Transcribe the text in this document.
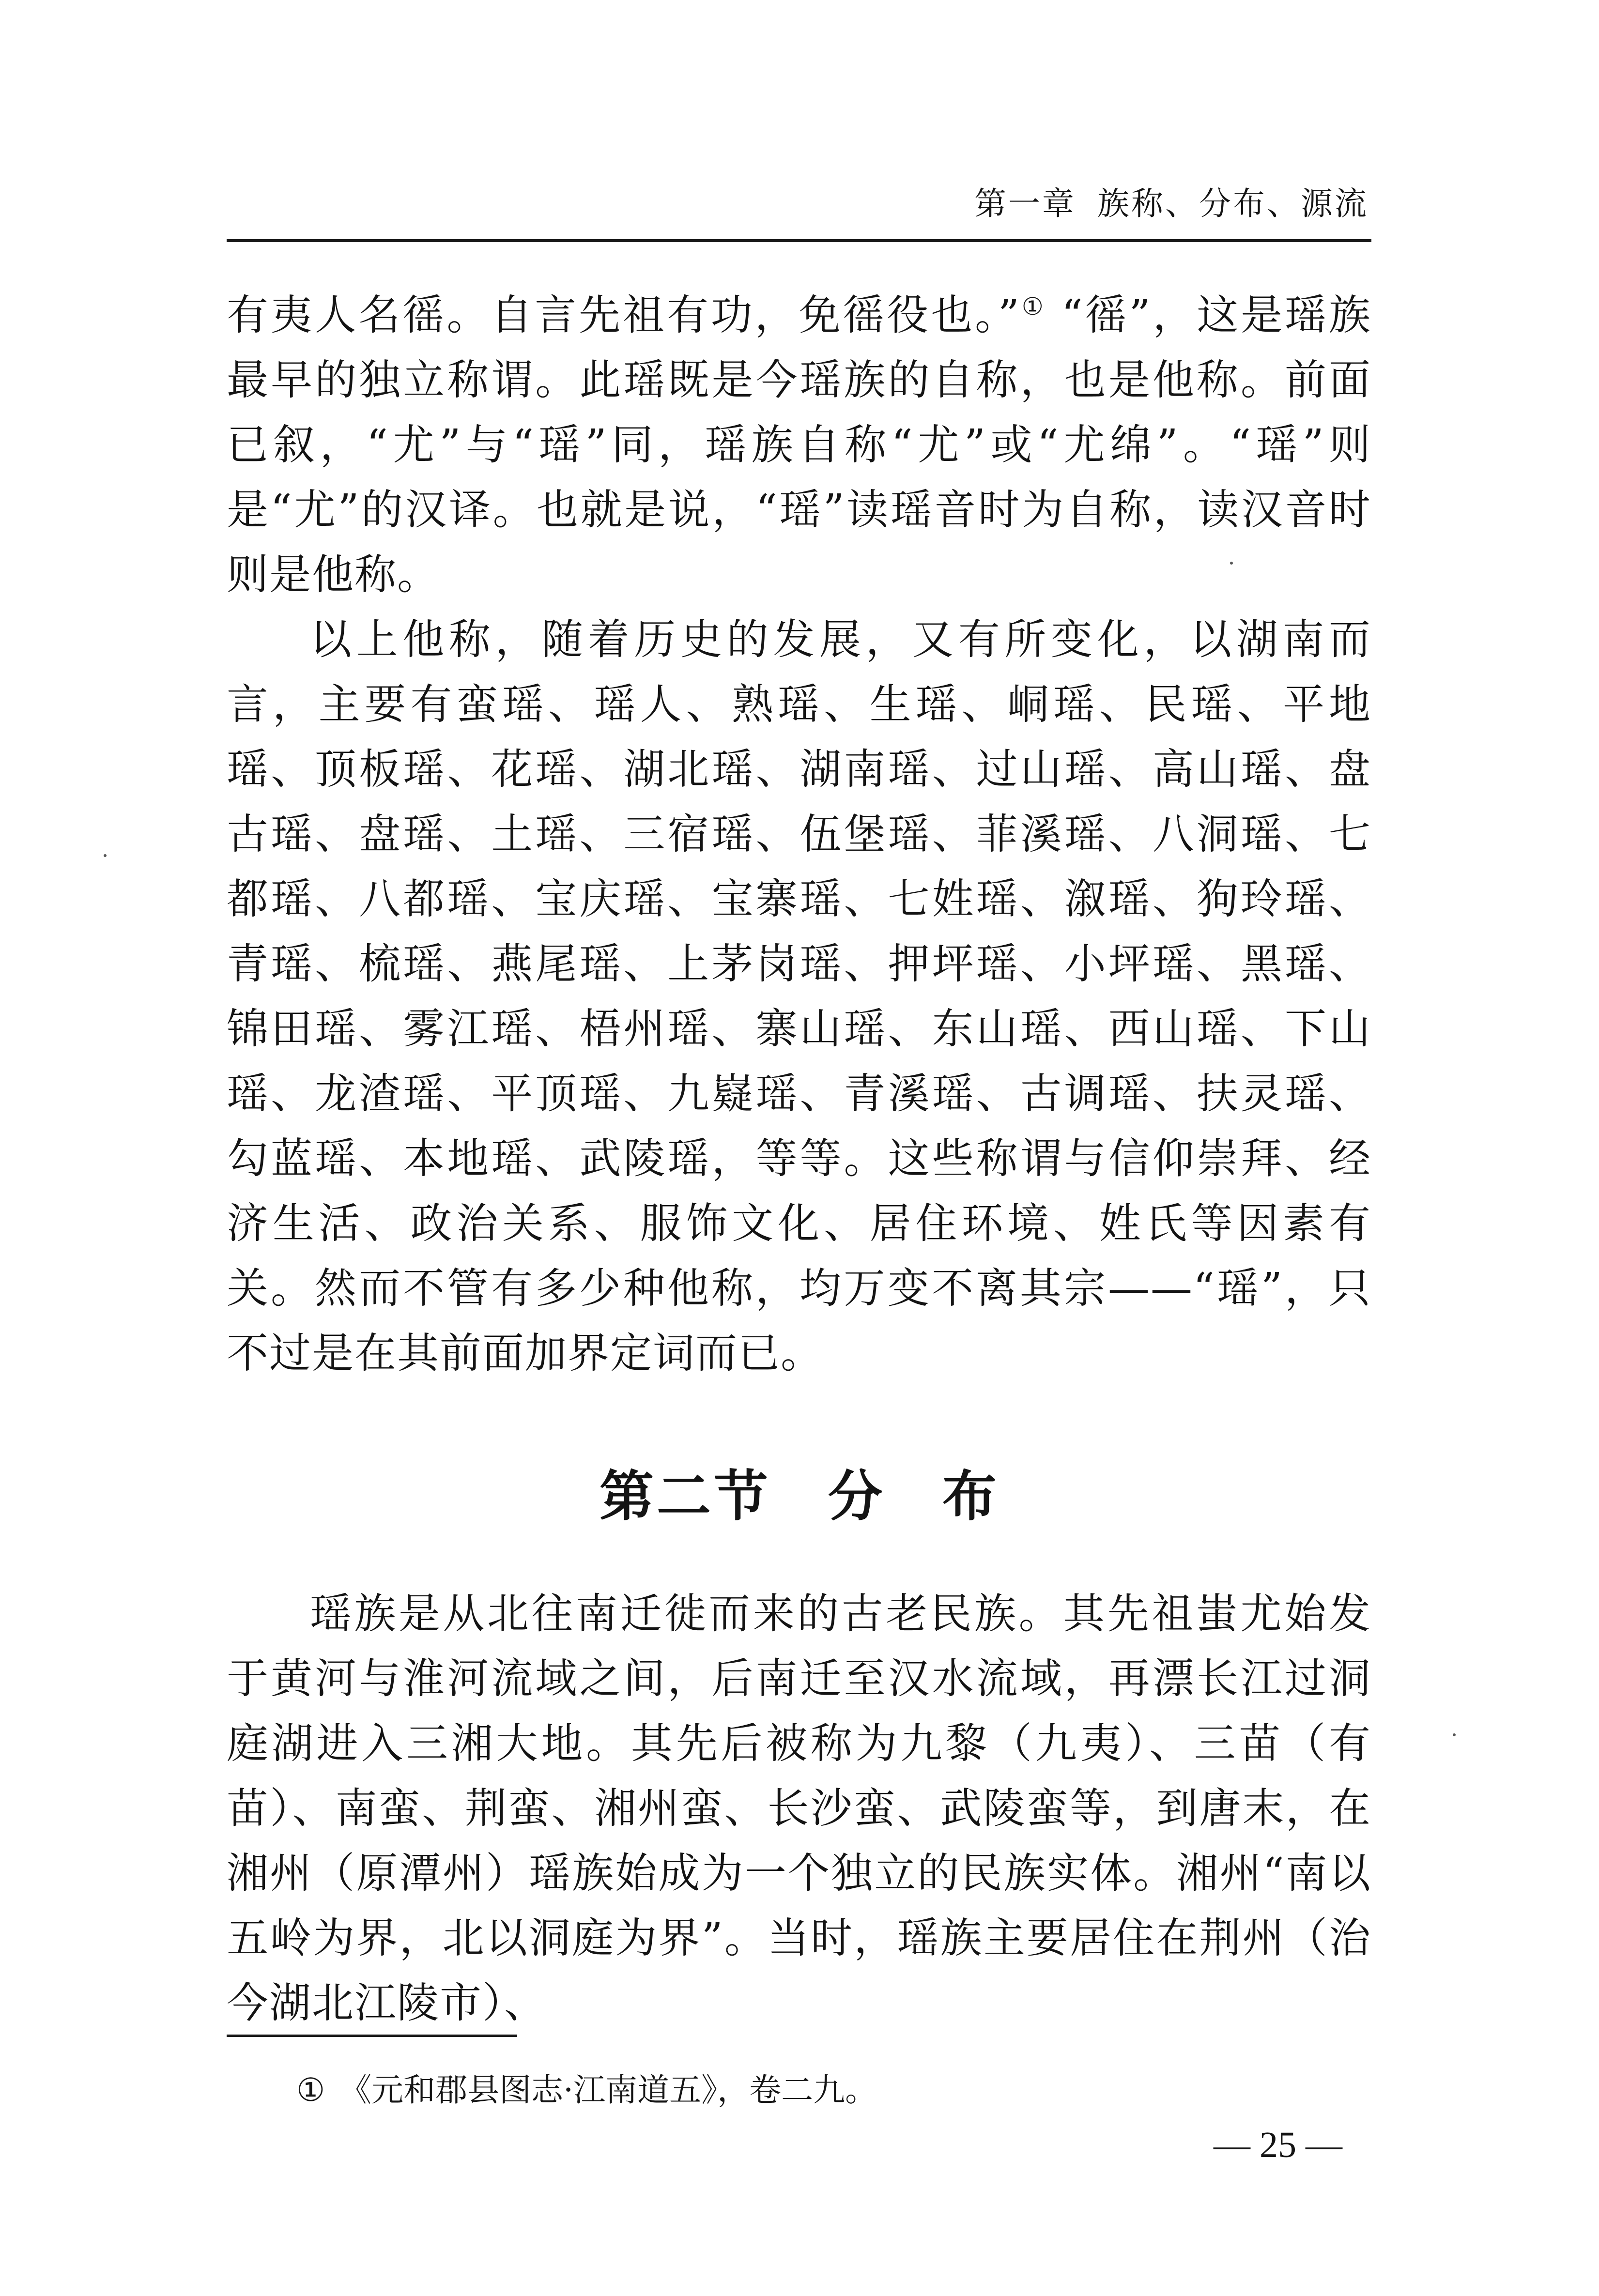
第一章 族称、分布、源流

有夷人名徭。自言先祖有功，免徭役也。”① “徭”，这是瑶族最早的独立称谓。此瑶既是今瑶族的自称，也是他称。前面已叙，“尤”与“瑶”同，瑶族自称“尤”或“尤绵”。“瑶”则是“尤”的汉译。也就是说，“瑶”读瑶音时为自称，读汉音时则是他称。

以上他称，随着历史的发展，又有所变化，以湖南而言，主要有蛮瑶、瑶人、熟瑶、生瑶、峒瑶、民瑶、平地瑶、顶板瑶、花瑶、湖北瑶、湖南瑶、过山瑶、高山瑶、盘古瑶、盘瑶、土瑶、三宿瑶、伍堡瑶、菲溪瑶、八洞瑶、七都瑶、八都瑶、宝庆瑶、宝寨瑶、七姓瑶、溆瑶、狗玲瑶、青瑶、梳瑶、燕尾瑶、上茅岗瑶、押坪瑶、小坪瑶、黑瑶、锦田瑶、雾江瑶、梧州瑶、寨山瑶、东山瑶、西山瑶、下山瑶、龙渣瑶、平顶瑶、九嶷瑶、青溪瑶、古调瑶、扶灵瑶、勾蓝瑶、本地瑶、武陵瑶，等等。这些称谓与信仰崇拜、经济生活、政治关系、服饰文化、居住环境、姓氏等因素有关。然而不管有多少种他称，均万变不离其宗——“瑶”，只不过是在其前面加界定词而已。

第二节　分　布

瑶族是从北往南迁徙而来的古老民族。其先祖蚩尤始发于黄河与淮河流域之间，后南迁至汉水流域，再漂长江过洞庭湖进入三湘大地。其先后被称为九黎（九夷）、三苗（有苗）、南蛮、荆蛮、湘州蛮、长沙蛮、武陵蛮等，到唐末，在湘州（原潭州）瑶族始成为一个独立的民族实体。湘州“南以五岭为界，北以洞庭为界”。当时，瑶族主要居住在荆州（治今湖北江陵市）、

① 《元和郡县图志·江南道五》，卷二九。
— 25 —
